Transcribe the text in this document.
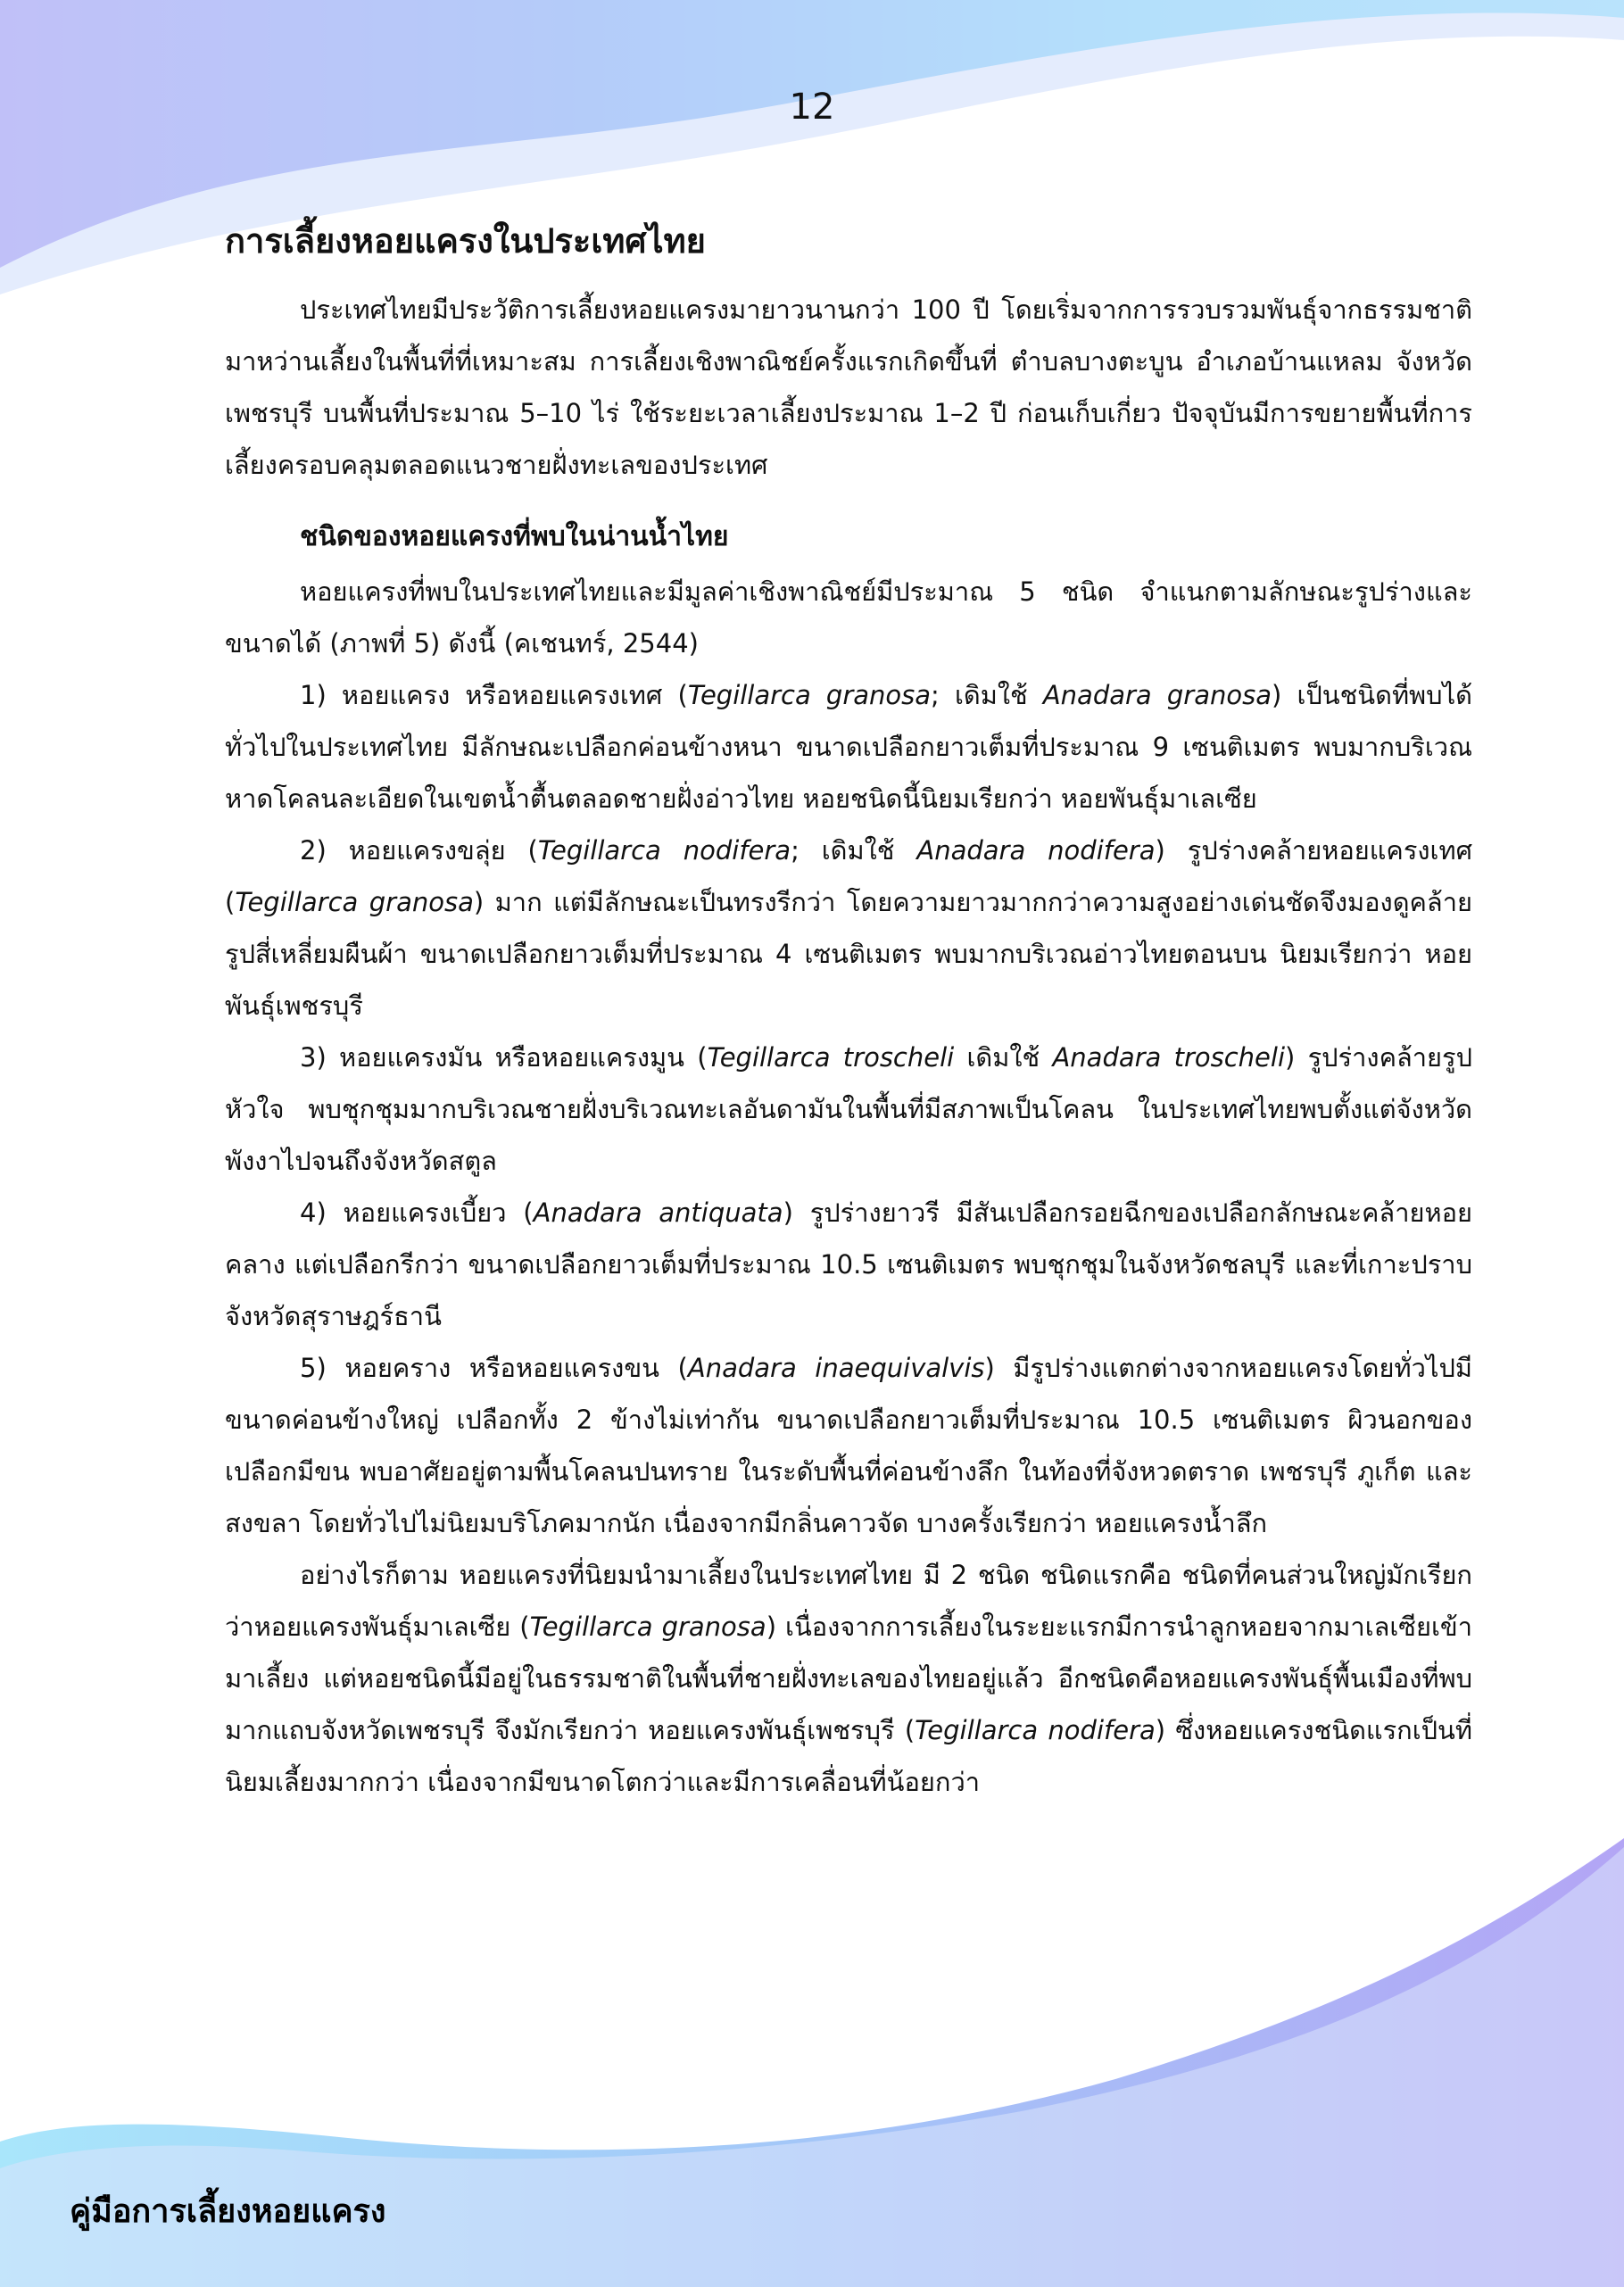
12
การเลี้ยงหอยแครงในประเทศไทย

ประเทศไทยมีประวัติการเลี้ยงหอยแครงมายาวนานกว่า 100 ปี โดยเริ่มจากการรวบรวมพันธุ์จากธรรมชาติมาหว่านเลี้ยงในพื้นที่ที่เหมาะสม การเลี้ยงเชิงพาณิชย์ครั้งแรกเกิดขึ้นที่ ตำบลบางตะบูน อำเภอบ้านแหลม จังหวัดเพชรบุรี บนพื้นที่ประมาณ 5–10 ไร่ ใช้ระยะเวลาเลี้ยงประมาณ 1–2 ปี ก่อนเก็บเกี่ยว ปัจจุบันมีการขยายพื้นที่การเลี้ยงครอบคลุมตลอดแนวชายฝั่งทะเลของประเทศ

ชนิดของหอยแครงที่พบในน่านน้ำไทย

หอยแครงที่พบในประเทศไทยและมีมูลค่าเชิงพาณิชย์มีประมาณ 5 ชนิด จำแนกตามลักษณะรูปร่างและขนาดได้ (ภาพที่ 5) ดังนี้ (คเชนทร์, 2544)

1) หอยแครง หรือหอยแครงเทศ (Tegillarca granosa; เดิมใช้ Anadara granosa) เป็นชนิดที่พบได้ทั่วไปในประเทศไทย มีลักษณะเปลือกค่อนข้างหนา ขนาดเปลือกยาวเต็มที่ประมาณ 9 เซนติเมตร พบมากบริเวณหาดโคลนละเอียดในเขตน้ำตื้นตลอดชายฝั่งอ่าวไทย หอยชนิดนี้นิยมเรียกว่า หอยพันธุ์มาเลเซีย

2) หอยแครงขลุ่ย (Tegillarca nodifera; เดิมใช้ Anadara nodifera) รูปร่างคล้ายหอยแครงเทศ (Tegillarca granosa) มาก แต่มีลักษณะเป็นทรงรีกว่า โดยความยาวมากกว่าความสูงอย่างเด่นชัดจึงมองดูคล้ายรูปสี่เหลี่ยมผืนผ้า ขนาดเปลือกยาวเต็มที่ประมาณ 4 เซนติเมตร พบมากบริเวณอ่าวไทยตอนบน นิยมเรียกว่า หอยพันธุ์เพชรบุรี

3) หอยแครงมัน หรือหอยแครงมูน (Tegillarca troscheli เดิมใช้ Anadara troscheli) รูปร่างคล้ายรูปหัวใจ พบชุกชุมมากบริเวณชายฝั่งบริเวณทะเลอันดามันในพื้นที่มีสภาพเป็นโคลน ในประเทศไทยพบตั้งแต่จังหวัดพังงาไปจนถึงจังหวัดสตูล

4) หอยแครงเบี้ยว (Anadara antiquata) รูปร่างยาวรี มีสันเปลือกรอยฉีกของเปลือกลักษณะคล้ายหอยคลาง แต่เปลือกรีกว่า ขนาดเปลือกยาวเต็มที่ประมาณ 10.5 เซนติเมตร พบชุกชุมในจังหวัดชลบุรี และที่เกาะปราบ จังหวัดสุราษฎร์ธานี

5) หอยคราง หรือหอยแครงขน (Anadara inaequivalvis) มีรูปร่างแตกต่างจากหอยแครงโดยทั่วไปมีขนาดค่อนข้างใหญ่ เปลือกทั้ง 2 ข้างไม่เท่ากัน ขนาดเปลือกยาวเต็มที่ประมาณ 10.5 เซนติเมตร ผิวนอกของเปลือกมีขน พบอาศัยอยู่ตามพื้นโคลนปนทราย ในระดับพื้นที่ค่อนข้างลึก ในท้องที่จังหวดตราด เพชรบุรี ภูเก็ต และสงขลา โดยทั่วไปไม่นิยมบริโภคมากนัก เนื่องจากมีกลิ่นคาวจัด บางครั้งเรียกว่า หอยแครงน้ำลึก

อย่างไรก็ตาม หอยแครงที่นิยมนำมาเลี้ยงในประเทศไทย มี 2 ชนิด ชนิดแรกคือ ชนิดที่คนส่วนใหญ่มักเรียกว่าหอยแครงพันธุ์มาเลเซีย (Tegillarca granosa) เนื่องจากการเลี้ยงในระยะแรกมีการนำลูกหอยจากมาเลเซียเข้ามาเลี้ยง แต่หอยชนิดนี้มีอยู่ในธรรมชาติในพื้นที่ชายฝั่งทะเลของไทยอยู่แล้ว อีกชนิดคือหอยแครงพันธุ์พื้นเมืองที่พบมากแถบจังหวัดเพชรบุรี จึงมักเรียกว่า หอยแครงพันธุ์เพชรบุรี (Tegillarca nodifera) ซึ่งหอยแครงชนิดแรกเป็นที่นิยมเลี้ยงมากกว่า เนื่องจากมีขนาดโตกว่าและมีการเคลื่อนที่น้อยกว่า

คู่มือการเลี้ยงหอยแครง
